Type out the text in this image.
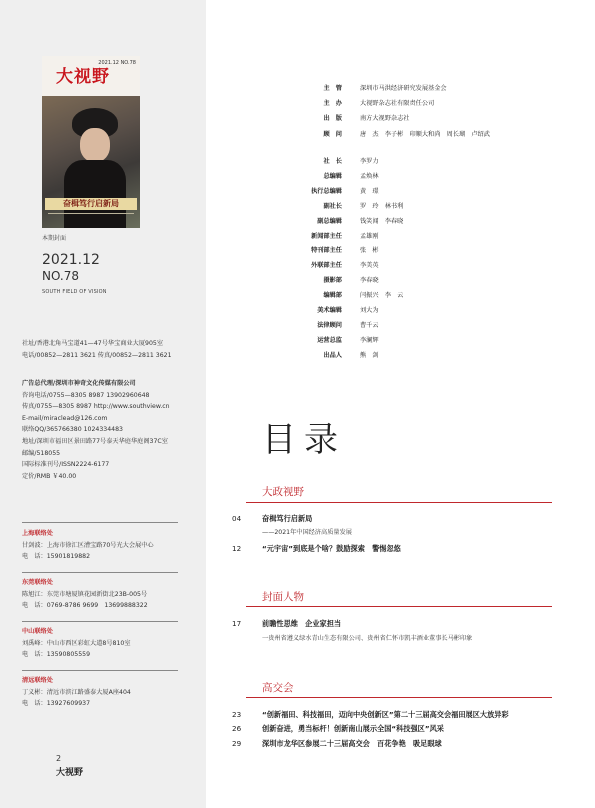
大视野
2021.12 NO.78
奋楫笃行启新局
本期封面
2021.12
NO.78
SOUTH FIELD OF VISION
社址/香港北角马宝道41—47号华宝商业大厦905室
电话/00852—2811 3621 传真/00852—2811 3621
广告总代理/深圳市神奇文化传媒有限公司
咨询电话/0755—8305 8987 13902960648
传真/0755—8305 8987 http://www.southview.cn
E-mail/miraclead@126.com
联络QQ/365766380 1024334483
地址/深圳市福田区景田路77号泰天华庭华庭阁37C室
邮编/518055
国际标准刊号/ISSN2224-6177
定价/RMB ￥40.00
上海联络处
甘剑波：上海市徐汇区漕宝路70号光大会展中心
电　话：15901819882
东莞联络处
陈旭江：东莞市塘厦镇花园新街北23B-005号
电　话：0769-8786 9699　13699888322
中山联络处
刘禹峰：中山市西区彩虹大道8号810室
电　话：13590805559
清远联络处
丁义彬：清远市滨江路盛泰大厦A座404
电　话：13927609937
2
大视野
主　管	深圳市马洪经济研究发展基金会
主　办	大视野杂志社有限责任公司
出　版	南方大视野杂志社
顾　问	唐　杰　李子彬　印顺大和尚　周长瑚　卢绍武
社　长	李罗力
总编辑	孟焕林
执行总编辑	黄　璟
副社长	罗　玲　林书利
副总编辑	钱笑闻　李春晓
新闻部主任	孟雄刚
特刊部主任	张　彬
外联部主任	李美英
摄影部	李春晓
编辑部	闫振兴　李　云
美术编辑	刘大为
法律顾问	曹千云
运营总监	李澜辉
出品人	熊　剑
目录
大政视野
04	奋楫笃行启新局
——2021年中国经济高质量发展
12	“元宇宙”到底是个啥？鼓励探索　警惕忽悠
封面人物
17	前瞻性思维　企业家担当
一贵州省遵义绿水青山生态有限公司、贵州省仁怀市凯丰酒业董事长马彬印象
高交会
23	“创新福田、科技福田，迈向中央创新区”第二十三届高交会福田展区大放异彩
26	创新奋进，勇当标杆！创新南山展示全国“科技强区”风采
29	深圳市龙华区参展二十三届高交会　百花争艳　吸足眼球
